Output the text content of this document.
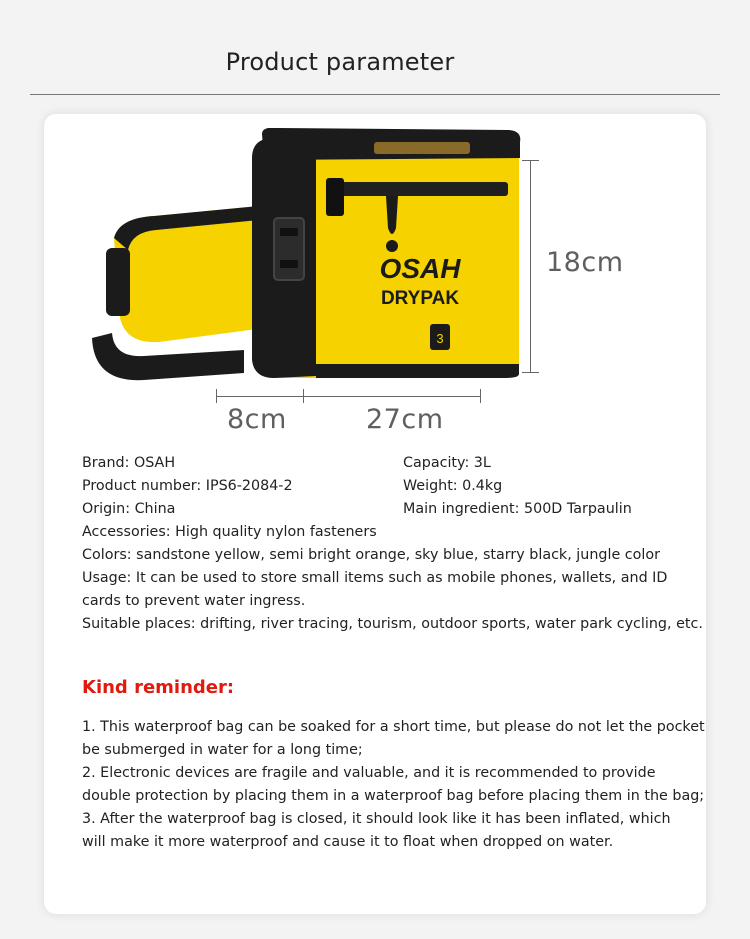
Product parameter
OSAH
DRYPAK
3
18cm
8cm	27cm
Brand: OSAH	Capacity: 3L
Product number: IPS6-2084-2	Weight: 0.4kg
Origin: China	Main ingredient: 500D Tarpaulin
Accessories: High quality nylon fasteners
Colors: sandstone yellow, semi bright orange, sky blue, starry black, jungle color
Usage: It can be used to store small items such as mobile phones, wallets, and ID
cards to prevent water ingress.
Suitable places: drifting, river tracing, tourism, outdoor sports, water park cycling, etc.
Kind reminder:
1. This waterproof bag can be soaked for a short time, but please do not let the pocket
be submerged in water for a long time;
2. Electronic devices are fragile and valuable, and it is recommended to provide
double protection by placing them in a waterproof bag before placing them in the bag;
3. After the waterproof bag is closed, it should look like it has been inflated, which
will make it more waterproof and cause it to float when dropped on water.
